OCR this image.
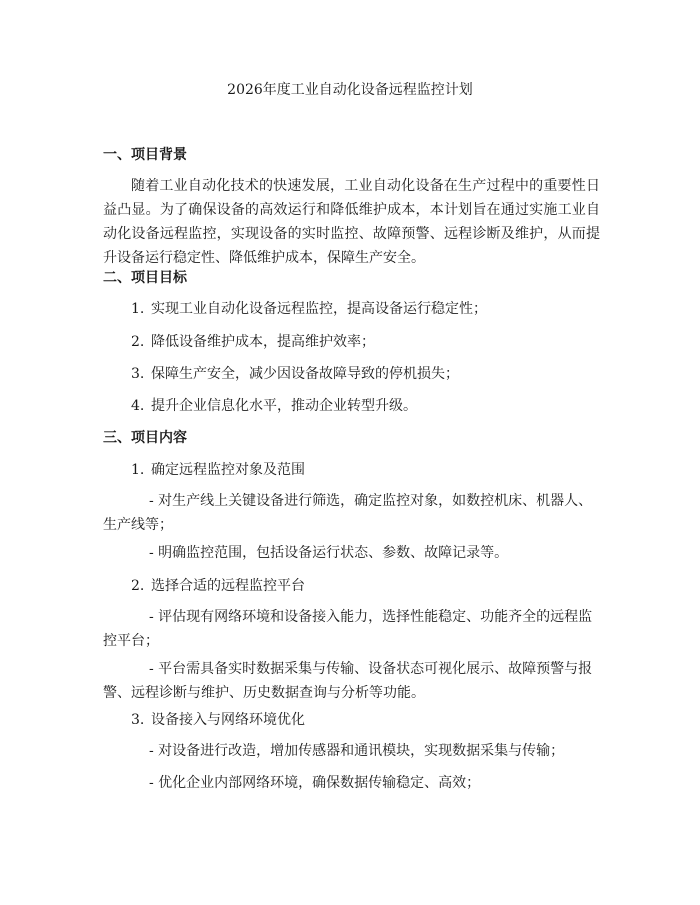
2026年度工业自动化设备远程监控计划
一、项目背景
随着工业自动化技术的快速发展，工业自动化设备在生产过程中的重要性日益凸显。为了确保设备的高效运行和降低维护成本，本计划旨在通过实施工业自动化设备远程监控，实现设备的实时监控、故障预警、远程诊断及维护，从而提升设备运行稳定性、降低维护成本，保障生产安全。
二、项目目标
1. 实现工业自动化设备远程监控，提高设备运行稳定性；
2. 降低设备维护成本，提高维护效率；
3. 保障生产安全，减少因设备故障导致的停机损失；
4. 提升企业信息化水平，推动企业转型升级。
三、项目内容
1. 确定远程监控对象及范围
- 对生产线上关键设备进行筛选，确定监控对象，如数控机床、机器人、生产线等；
- 明确监控范围，包括设备运行状态、参数、故障记录等。
2. 选择合适的远程监控平台
- 评估现有网络环境和设备接入能力，选择性能稳定、功能齐全的远程监控平台；
- 平台需具备实时数据采集与传输、设备状态可视化展示、故障预警与报警、远程诊断与维护、历史数据查询与分析等功能。
3. 设备接入与网络环境优化
- 对设备进行改造，增加传感器和通讯模块，实现数据采集与传输；
- 优化企业内部网络环境，确保数据传输稳定、高效；
